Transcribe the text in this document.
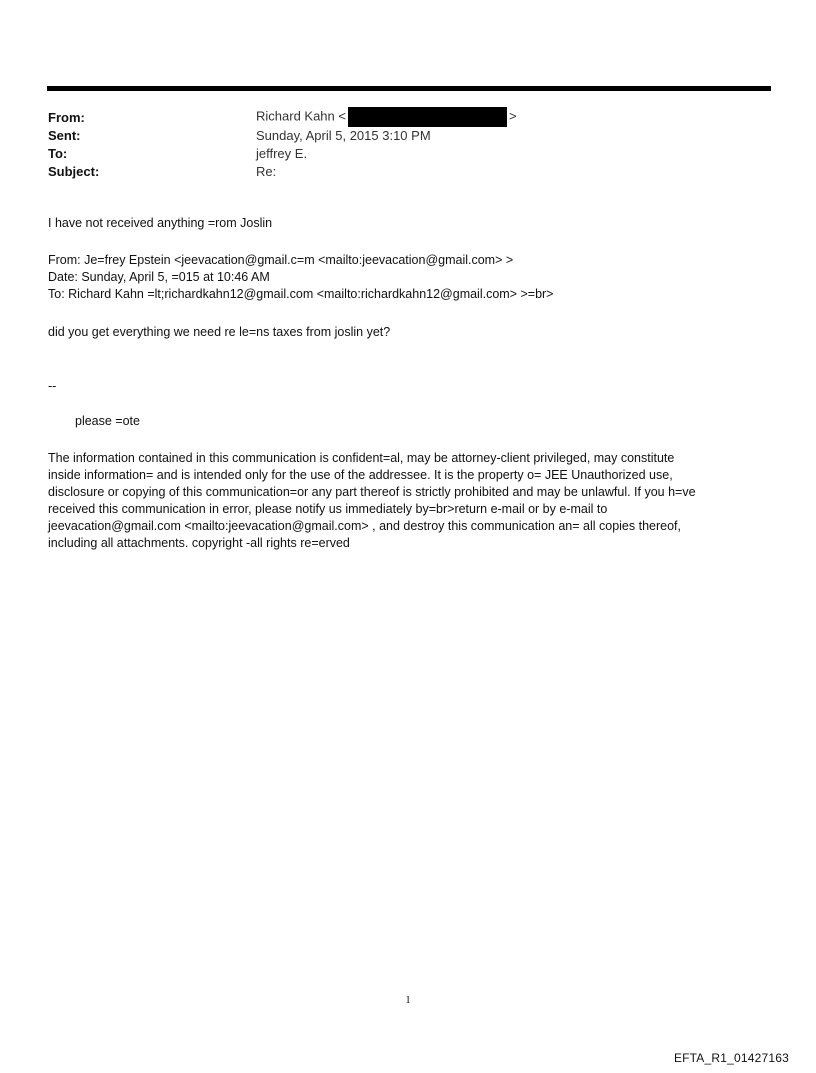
From:	Richard Kahn <	>
Sent:	Sunday, April 5, 2015 3:10 PM
To:	jeffrey E.
Subject:	Re:
I have not received anything =rom Joslin
From: Je=frey Epstein <jeevacation@gmail.c=m <mailto:jeevacation@gmail.com> >
Date: Sunday, April 5, =015 at 10:46 AM
To: Richard Kahn =lt;richardkahn12@gmail.com <mailto:richardkahn12@gmail.com> >=br>
did you get everything we need re le=ns taxes from joslin yet?
--
please =ote
The information contained in this communication is confident=al, may be attorney-client privileged, may constitute
inside information= and is intended only for the use of the addressee. It is the property o= JEE Unauthorized use,
disclosure or copying of this communication=or any part thereof is strictly prohibited and may be unlawful. If you h=ve
received this communication in error, please notify us immediately by=br>return e-mail or by e-mail to
jeevacation@gmail.com <mailto:jeevacation@gmail.com> , and destroy this communication an= all copies thereof,
including all attachments. copyright -all rights re=erved
1
EFTA_R1_01427163
